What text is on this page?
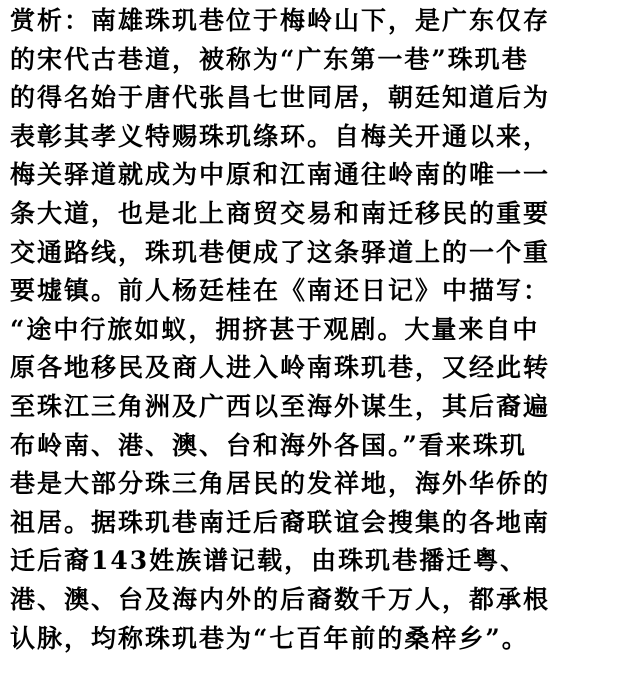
赏析：南雄珠玑巷位于梅岭山下，是广东仅存
的宋代古巷道，被称为“广东第一巷”珠玑巷
的得名始于唐代张昌七世同居，朝廷知道后为
表彰其孝义特赐珠玑绦环。自梅关开通以来，
梅关驿道就成为中原和江南通往岭南的唯一一
条大道，也是北上商贸交易和南迁移民的重要
交通路线，珠玑巷便成了这条驿道上的一个重
要墟镇。前人杨廷桂在《南还日记》中描写：
“途中行旅如蚁，拥挤甚于观剧。大量来自中
原各地移民及商人进入岭南珠玑巷，又经此转
至珠江三角洲及广西以至海外谋生，其后裔遍
布岭南、港、澳、台和海外各国。”看来珠玑
巷是大部分珠三角居民的发祥地，海外华侨的
祖居。据珠玑巷南迁后裔联谊会搜集的各地南
迁后裔143姓族谱记载，由珠玑巷播迁粤、
港、澳、台及海内外的后裔数千万人，都承根
认脉，均称珠玑巷为“七百年前的桑梓乡”。
